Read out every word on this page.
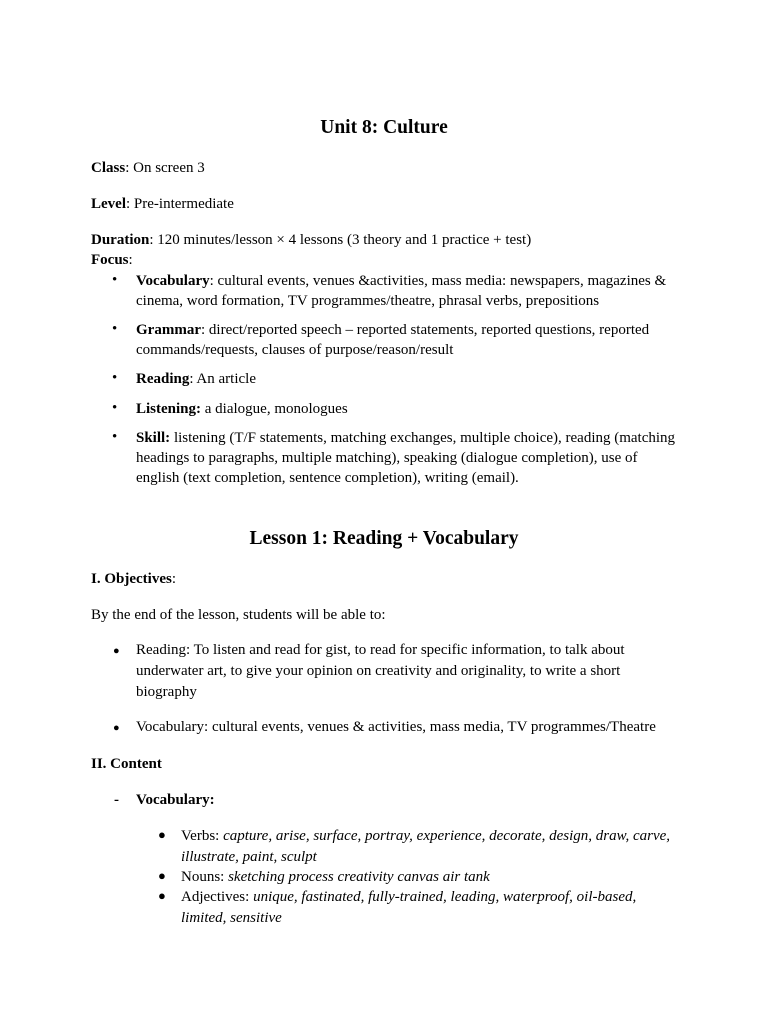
Unit 8: Culture
Class: On screen 3
Level: Pre-intermediate
Duration: 120 minutes/lesson × 4 lessons (3 theory and 1 practice + test)
Focus:
• Vocabulary: cultural events, venues &activities, mass media: newspapers, magazines & cinema, word formation, TV programmes/theatre, phrasal verbs, prepositions
• Grammar: direct/reported speech – reported statements, reported questions, reported commands/requests, clauses of purpose/reason/result
• Reading: An article
• Listening: a dialogue, monologues
• Skill: listening (T/F statements, matching exchanges, multiple choice), reading (matching headings to paragraphs, multiple matching), speaking (dialogue completion), use of english (text completion, sentence completion), writing (email).
Lesson 1: Reading + Vocabulary
I. Objectives:
By the end of the lesson, students will be able to:
● Reading: To listen and read for gist, to read for specific information, to talk about underwater art, to give your opinion on creativity and originality, to write a short biography
● Vocabulary: cultural events, venues & activities, mass media, TV programmes/Theatre
II. Content
- Vocabulary:
● Verbs: capture, arise, surface, portray, experience, decorate, design, draw, carve, illustrate, paint, sculpt
● Nouns: sketching process creativity canvas air tank
● Adjectives: unique, fastinated, fully-trained, leading, waterproof, oil-based, limited, sensitive
